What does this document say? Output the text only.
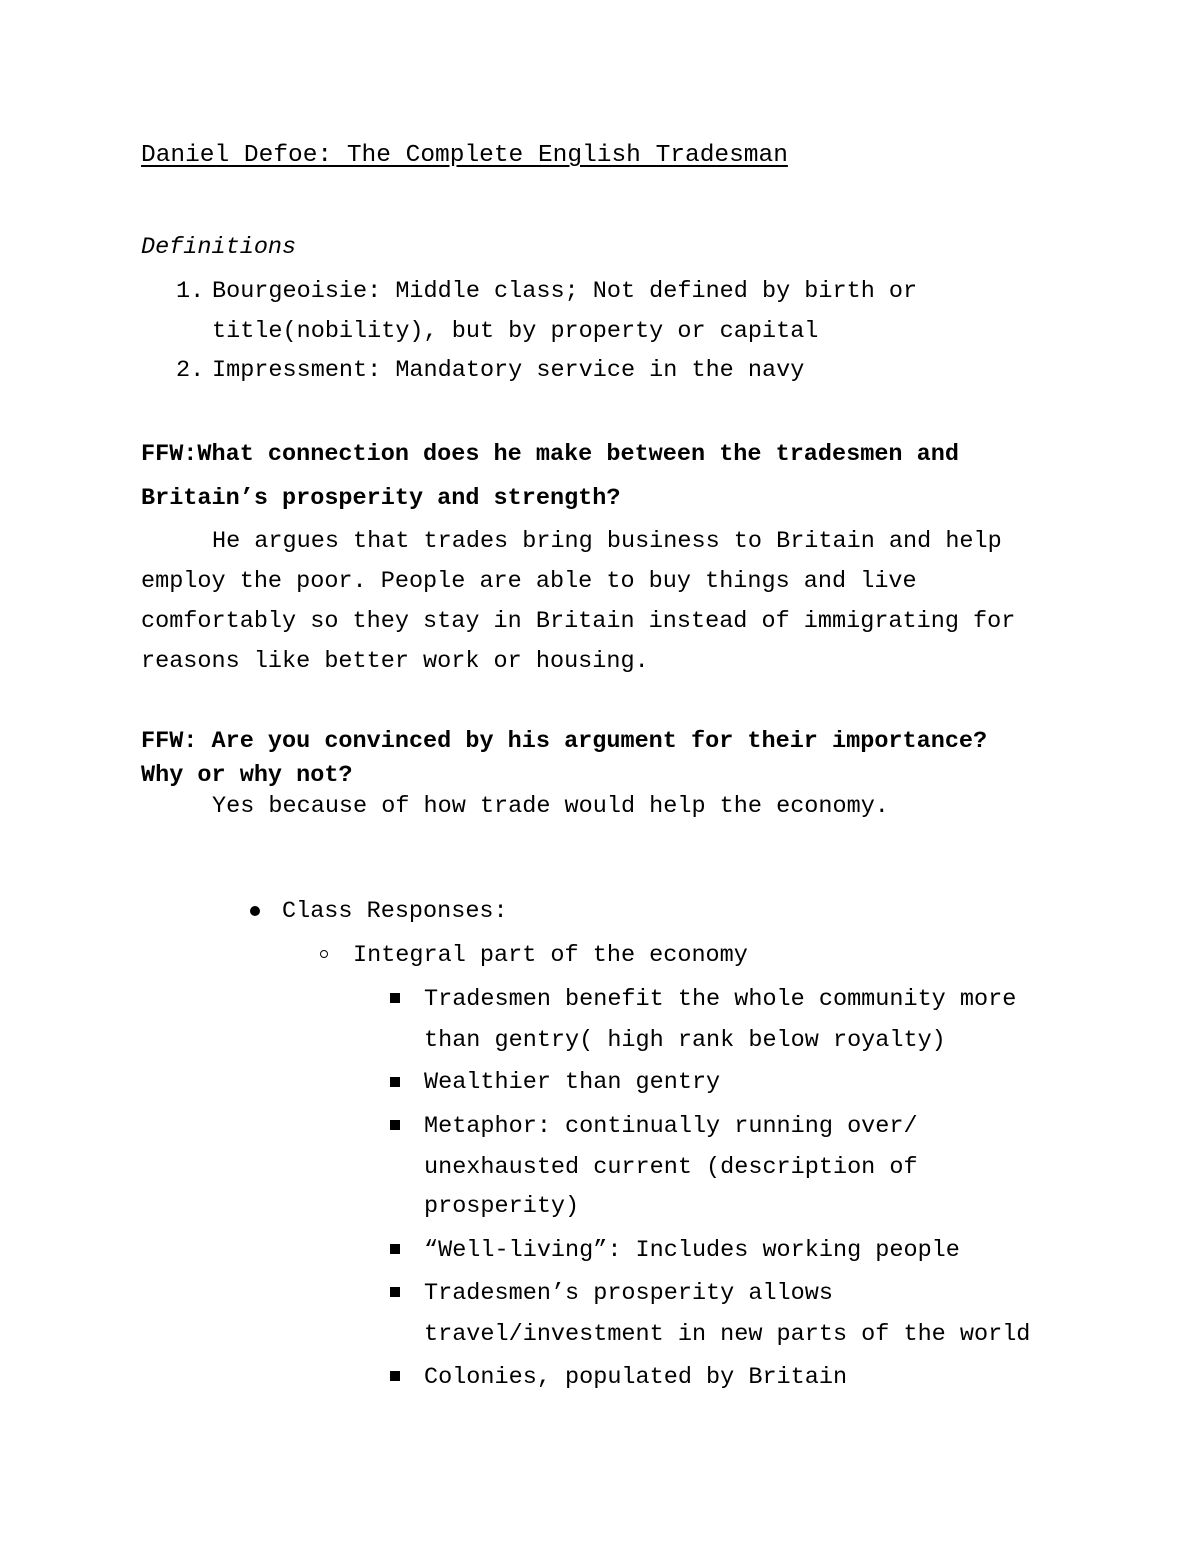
Daniel Defoe: The Complete English Tradesman
Definitions
1. Bourgeoisie: Middle class; Not defined by birth or
title(nobility), but by property or capital
2. Impressment: Mandatory service in the navy
FFW:What connection does he make between the tradesmen and
Britain’s prosperity and strength?
He argues that trades bring business to Britain and help
employ the poor. People are able to buy things and live
comfortably so they stay in Britain instead of immigrating for
reasons like better work or housing.
FFW: Are you convinced by his argument for their importance?
Why or why not?
Yes because of how trade would help the economy.
Class Responses:
Integral part of the economy
Tradesmen benefit the whole community more
than gentry( high rank below royalty)
Wealthier than gentry
Metaphor: continually running over/
unexhausted current (description of
prosperity)
“Well-living”: Includes working people
Tradesmen’s prosperity allows
travel/investment in new parts of the world
Colonies, populated by Britain
